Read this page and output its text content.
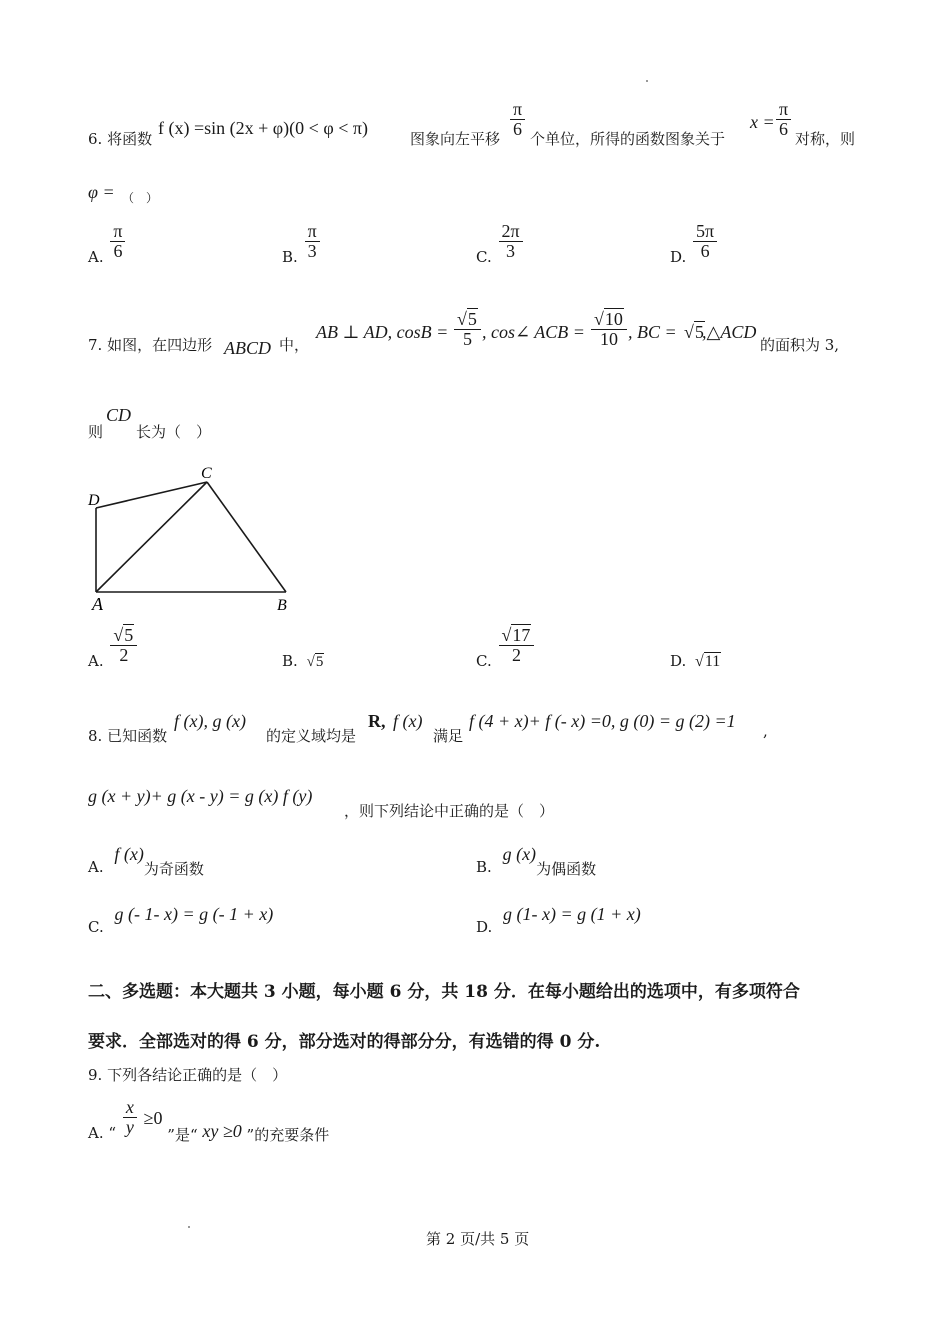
6. 将函数
f (x) =sin (2x + φ)(0 < φ < π)
图象向左平移
$\frac{\pi}{6}$
个单位，所得的函数图象关于
$x = \frac{\pi}{6}$
对称，则
φ = （　）
A. $\frac{\pi}{6}$	B. $\frac{\pi}{3}$	C. $\frac{2\pi}{3}$	D. $\frac{5\pi}{6}$
7. 如图，在四边形 ABCD 中，
AB ⊥ AD, $\cos B = \frac{√5}{5}$ , cos∠ ACB = $\frac{√10}{10}$ , BC = √5
,△ACD
的面积为 3,
则
CD
长为（　）
A	B
C
D
A. $\frac{√5}{2}$	B. √5	C. $\frac{√17}{2}$	D. √11
8. 已知函数
f (x), g (x)
的定义域均是
R, f (x)
满足
f (4 + x)+ f (- x) =0, g (0) = g (2) =1 ,
g (x + y)+ g (x - y) = g (x) f (y)
，则下列结论中正确的是（　）
A. f (x)为奇函数	B. g (x)为偶函数
C. g (- 1- x) = g (- 1 + x)
D. g (1- x) = g (1 + x)
二、多选题：本大题共 3 小题，每小题 6 分，共 18 分．在每小题给出的选项中，有多项符合
要求．全部选对的得 6 分，部分选对的得部分分，有选错的得 0 分.
9. 下列各结论正确的是（　）
A. “ $\frac{x}{y} \ge 0$ ”是“ xy ≥0 ”的充要条件
第 2 页/共 5 页
